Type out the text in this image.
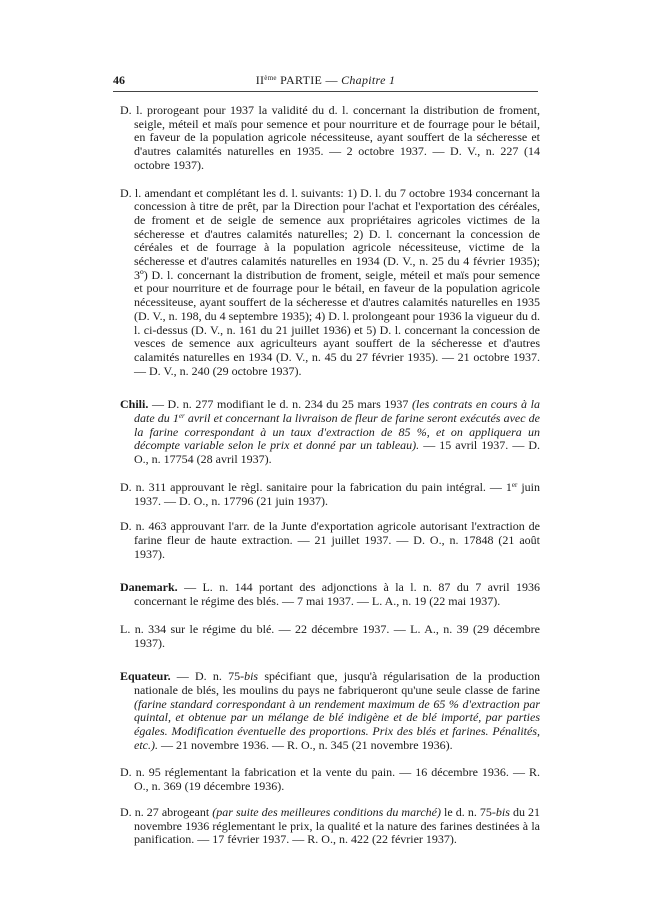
46	IIème PARTIE — Chapitre 1

D. l. prorogeant pour 1937 la validité du d. l. concernant la distribution de froment, seigle, méteil et maïs pour semence et pour nourriture et de fourrage pour le bétail, en faveur de la population agricole nécessiteuse, ayant souffert de la sécheresse et d'autres calamités naturelles en 1935. — 2 octobre 1937. — D. V., n. 227 (14 octobre 1937).

D. l. amendant et complétant les d. l. suivants: 1) D. l. du 7 octobre 1934 concernant la concession à titre de prêt, par la Direction pour l'achat et l'exportation des céréales, de froment et de seigle de semence aux propriétaires agricoles victimes de la sécheresse et d'autres calamités naturelles; 2) D. l. concernant la concession de céréales et de fourrage à la population agricole nécessiteuse, victime de la sécheresse et d'autres calamités naturelles en 1934 (D. V., n. 25 du 4 février 1935); 3º) D. l. concernant la distribution de froment, seigle, méteil et maïs pour semence et pour nourriture et de fourrage pour le bétail, en faveur de la population agricole nécessiteuse, ayant souffert de la sécheresse et d'autres calamités naturelles en 1935 (D. V., n. 198, du 4 septembre 1935); 4) D. l. prolongeant pour 1936 la vigueur du d. l. ci-dessus (D. V., n. 161 du 21 juillet 1936) et 5) D. l. concernant la concession de vesces de semence aux agriculteurs ayant souffert de la sécheresse et d'autres calamités naturelles en 1934 (D. V., n. 45 du 27 février 1935). — 21 octobre 1937. — D. V., n. 240 (29 octobre 1937).

Chili. — D. n. 277 modifiant le d. n. 234 du 25 mars 1937 (les contrats en cours à la date du 1er avril et concernant la livraison de fleur de farine seront exécutés avec de la farine correspondant à un taux d'extraction de 85 %, et on appliquera un décompte variable selon le prix et donné par un tableau). — 15 avril 1937. — D. O., n. 17754 (28 avril 1937).

D. n. 311 approuvant le règl. sanitaire pour la fabrication du pain intégral. — 1er juin 1937. — D. O., n. 17796 (21 juin 1937).

D. n. 463 approuvant l'arr. de la Junte d'exportation agricole autorisant l'extraction de farine fleur de haute extraction. — 21 juillet 1937. — D. O., n. 17848 (21 août 1937).

Danemark. — L. n. 144 portant des adjonctions à la l. n. 87 du 7 avril 1936 concernant le régime des blés. — 7 mai 1937. — L. A., n. 19 (22 mai 1937).

L. n. 334 sur le régime du blé. — 22 décembre 1937. — L. A., n. 39 (29 décembre 1937).

Equateur. — D. n. 75-bis spécifiant que, jusqu'à régularisation de la production nationale de blés, les moulins du pays ne fabriqueront qu'une seule classe de farine (farine standard correspondant à un rendement maximum de 65 % d'extraction par quintal, et obtenue par un mélange de blé indigène et de blé importé, par parties égales. Modification éventuelle des proportions. Prix des blés et farines. Pénalités, etc.). — 21 novembre 1936. — R. O., n. 345 (21 novembre 1936).

D. n. 95 réglementant la fabrication et la vente du pain. — 16 décembre 1936. — R. O., n. 369 (19 décembre 1936).

D. n. 27 abrogeant (par suite des meilleures conditions du marché) le d. n. 75-bis du 21 novembre 1936 réglementant le prix, la qualité et la nature des farines destinées à la panification. — 17 février 1937. — R. O., n. 422 (22 février 1937).
